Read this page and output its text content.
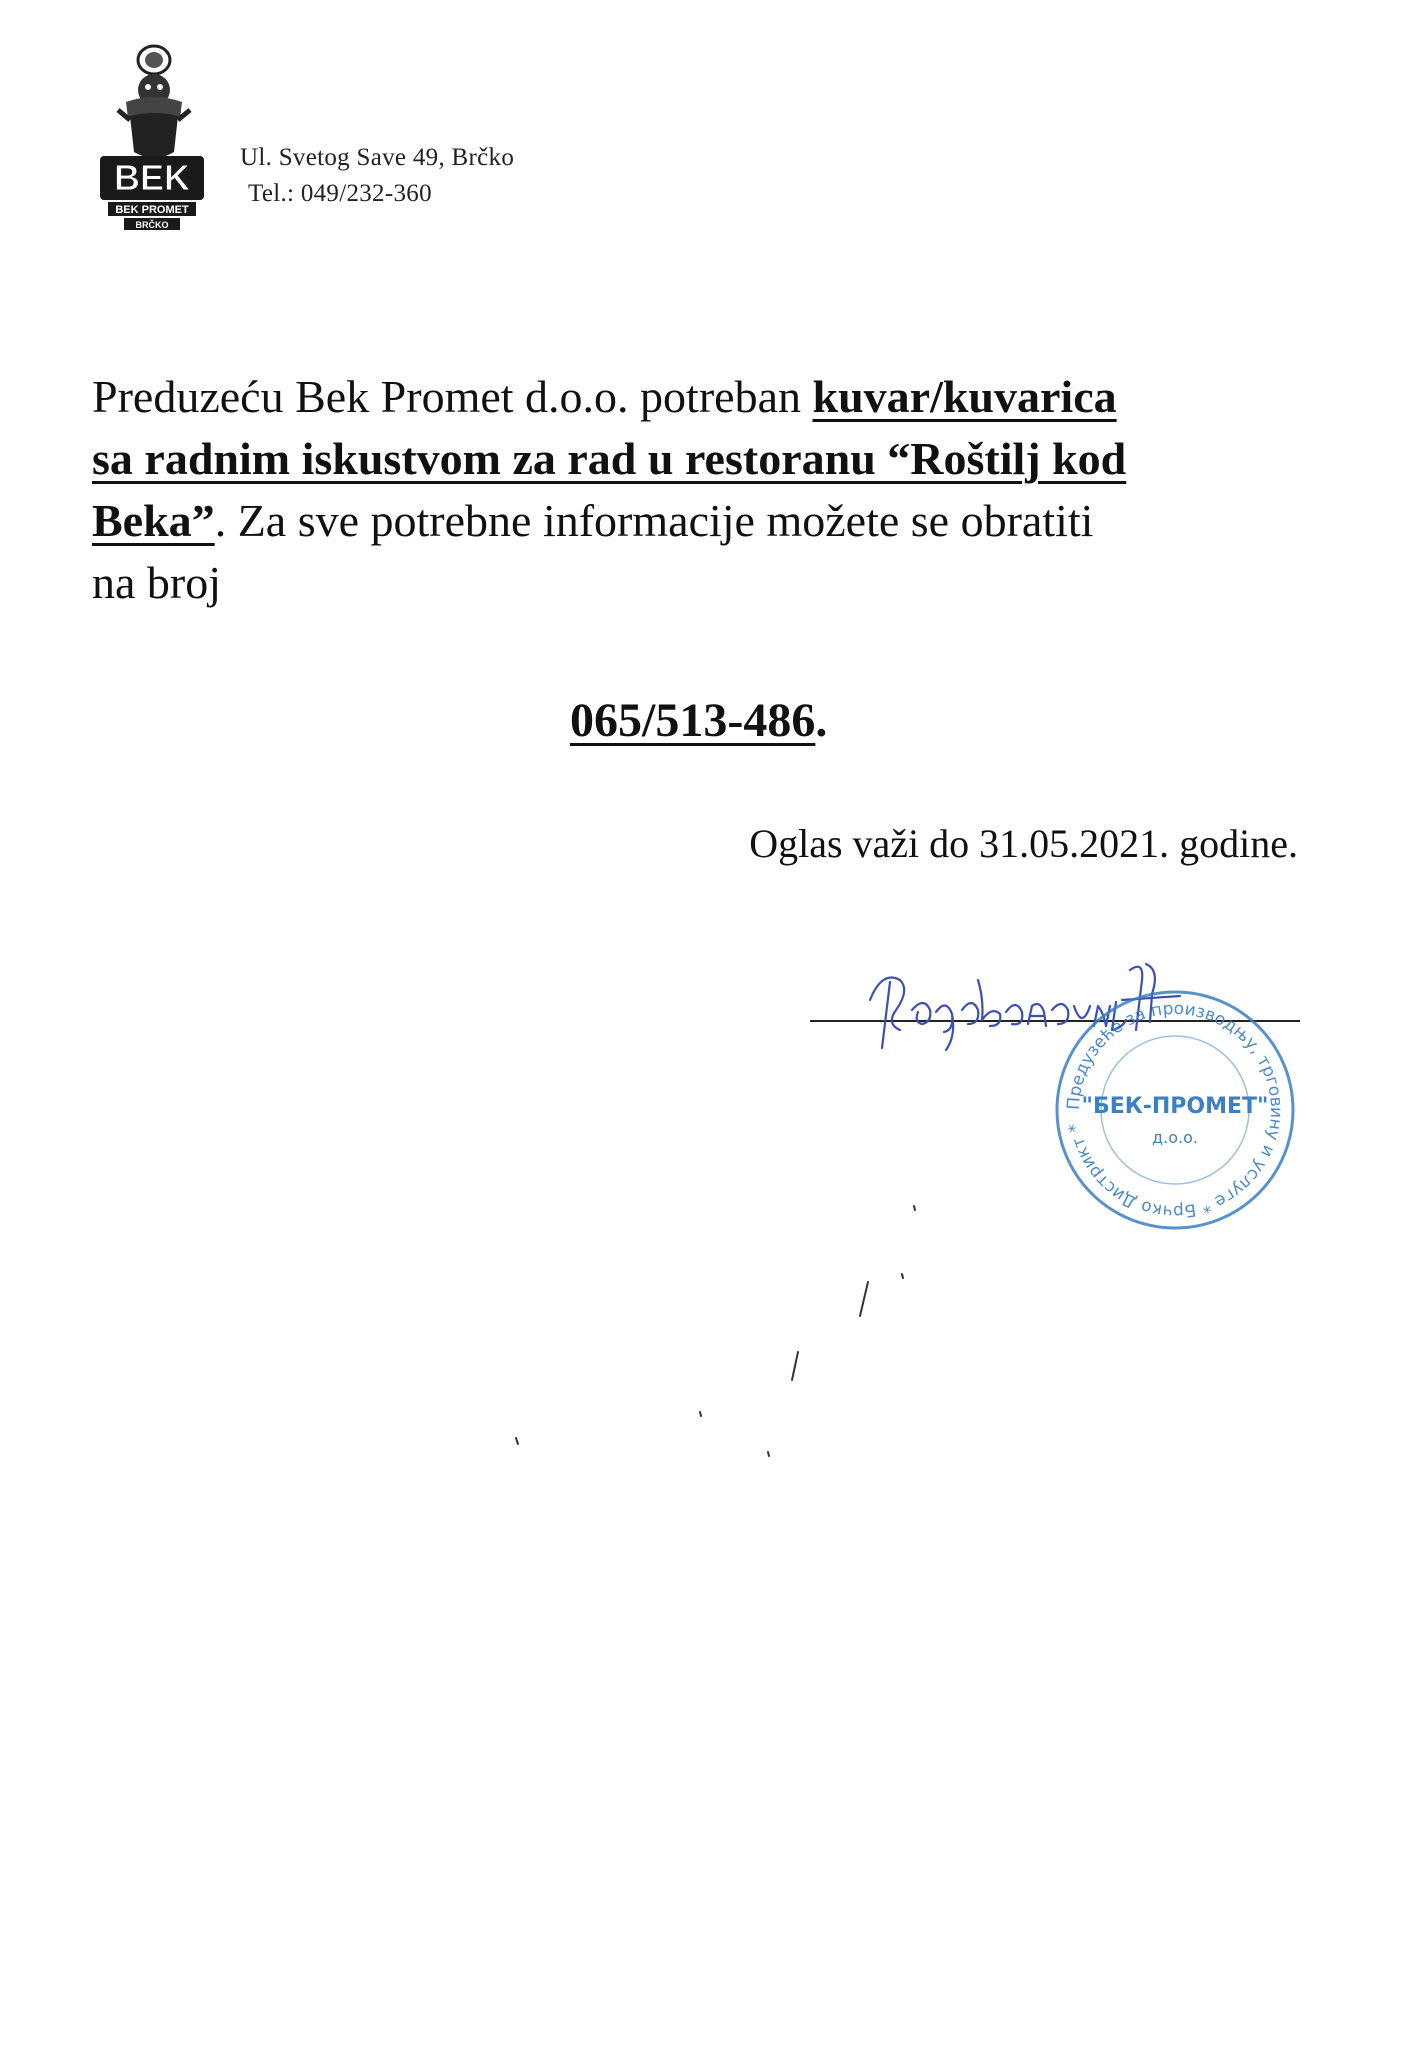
BEK
BEK PROMET
BRČKO
Ul. Svetog Save 49, Brčko
Tel.: 049/232-360
Preduzeću Bek Promet d.o.o. potreban kuvar/kuvarica
sa radnim iskustvom za rad u restoranu “Roštilj kod
Beka”. Za sve potrebne informacije možete se obratiti
na broj
065/513-486.
Oglas važi do 31.05.2021. godine.
Предузеће за производњу, трговину и услуге * Брчко Дистрикт *
"БЕК-ПРОМЕТ"
д.о.о.
